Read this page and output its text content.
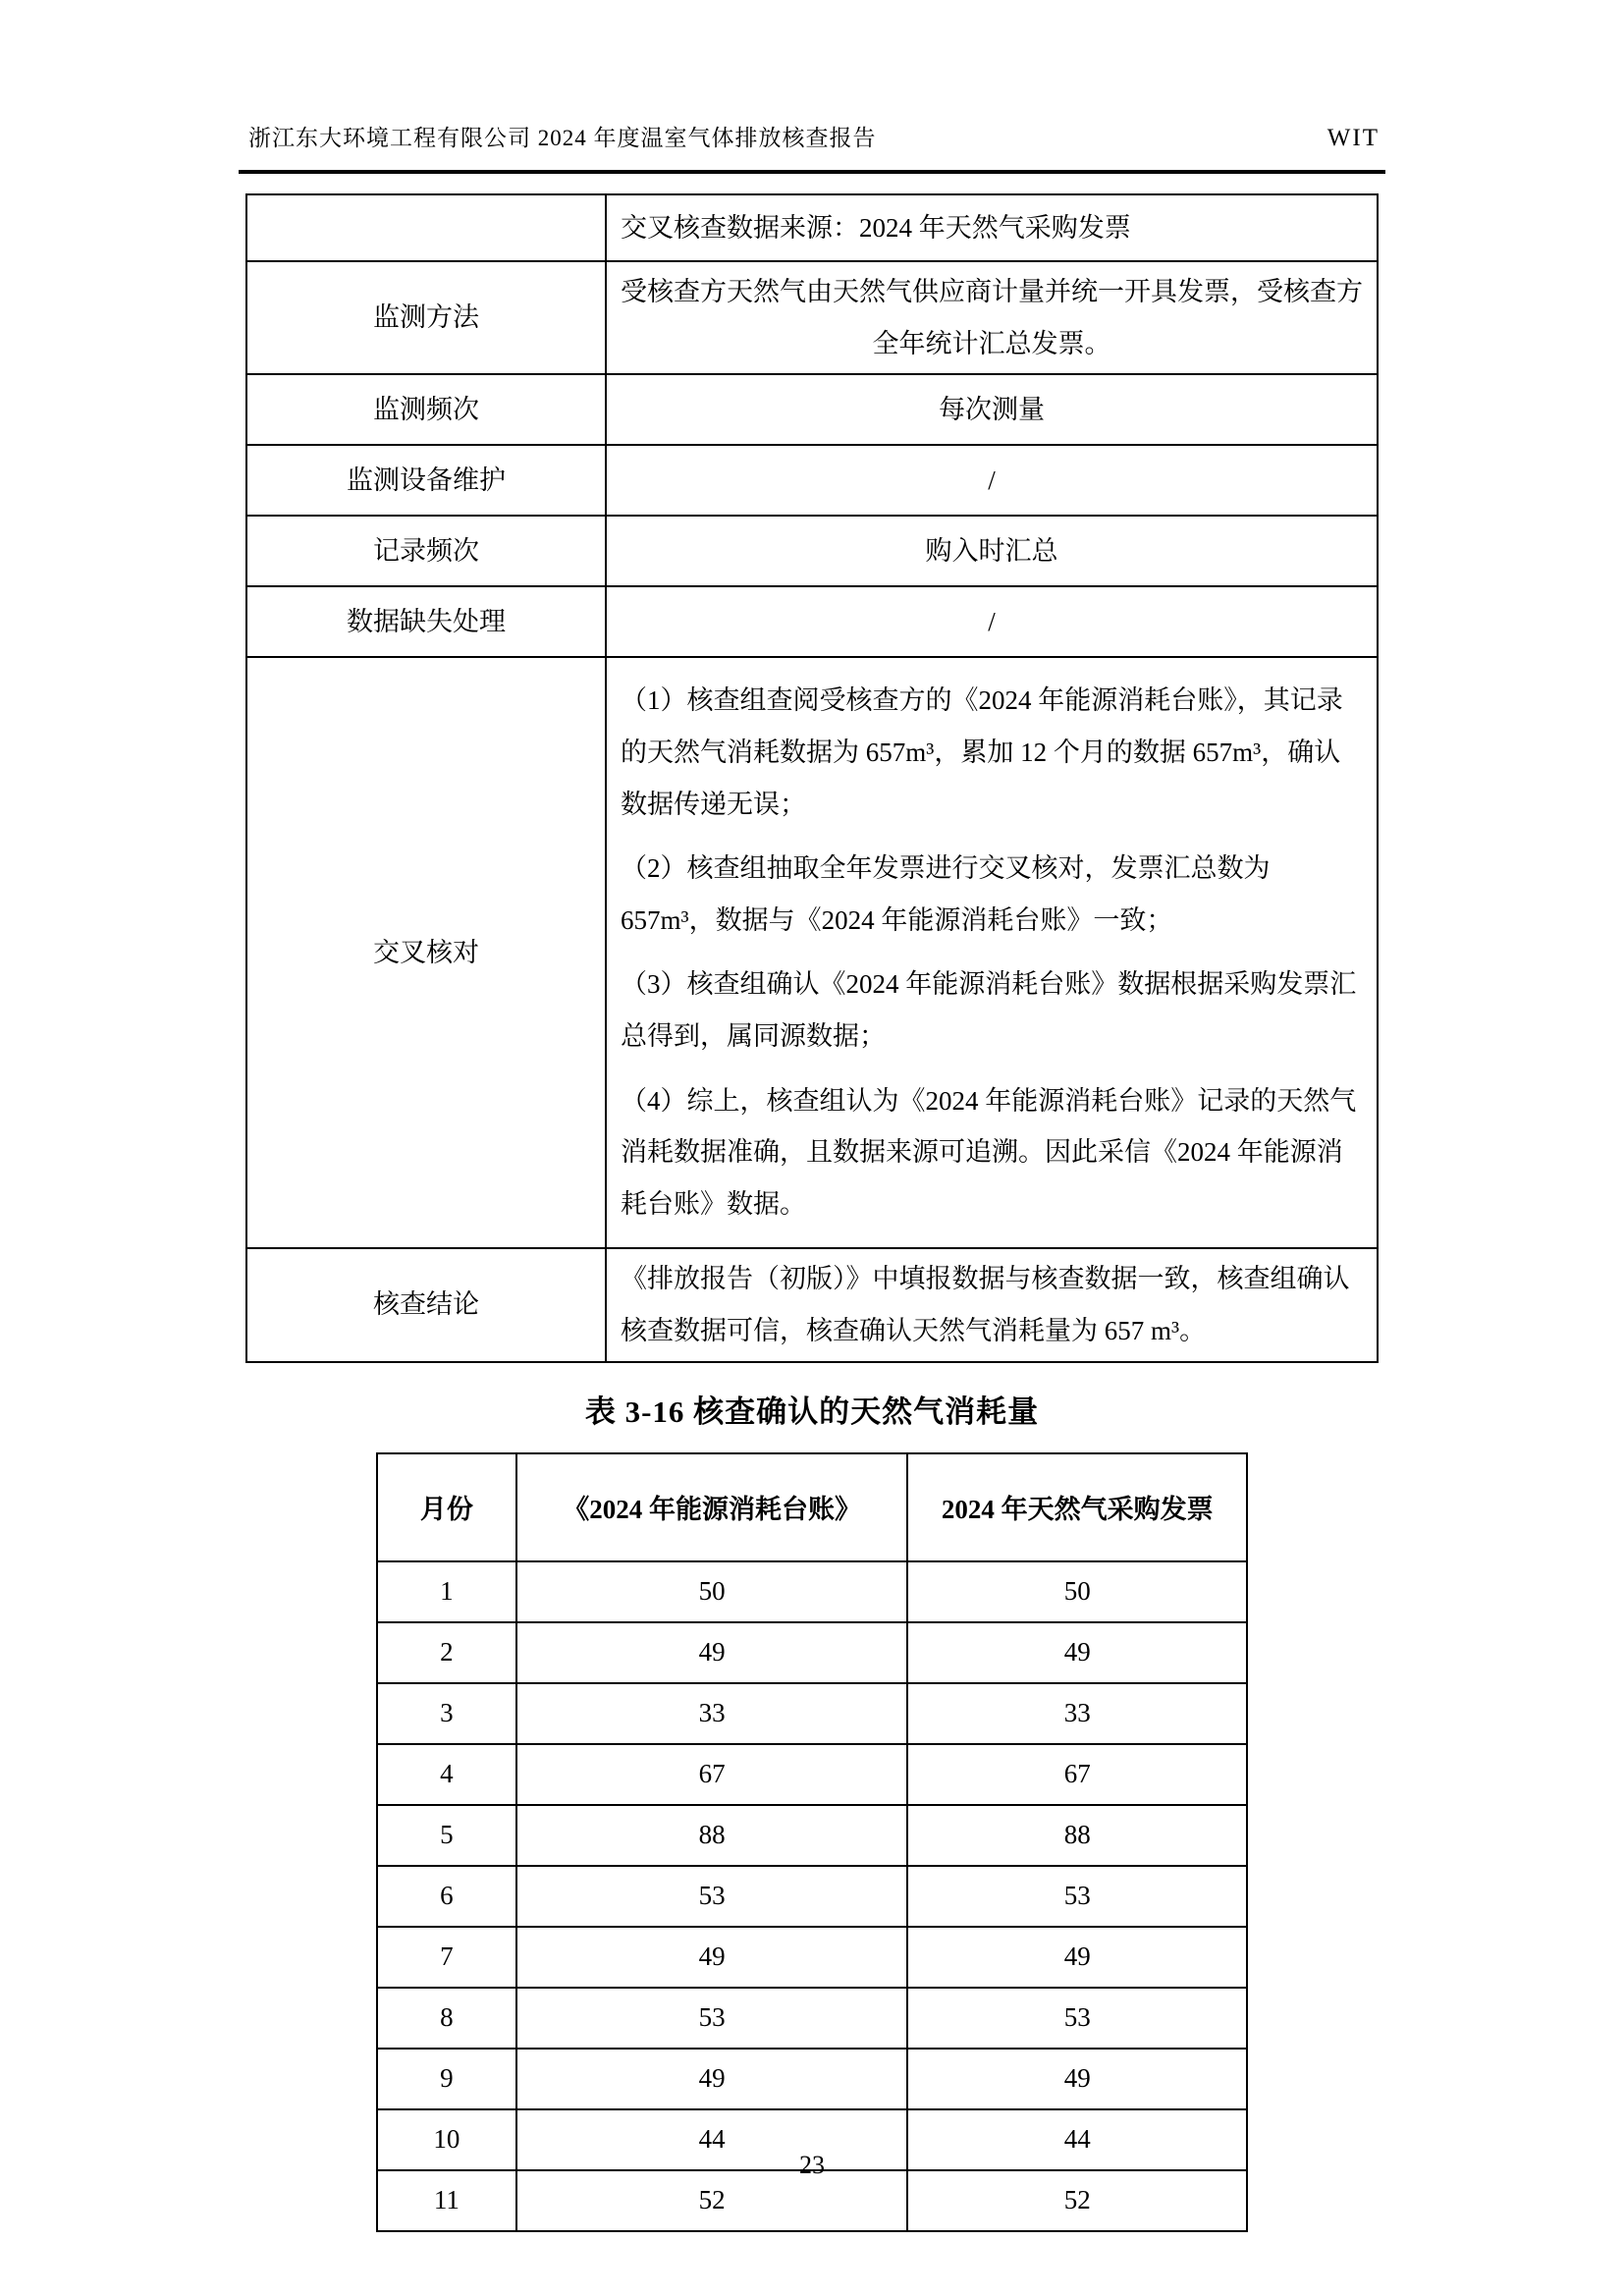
浙江东大环境工程有限公司 2024 年度温室气体排放核查报告	WIT
	交叉核查数据来源：2024 年天然气采购发票
监测方法	受核查方天然气由天然气供应商计量并统一开具发票，受核查方全年统计汇总发票。
监测频次	每次测量
监测设备维护	/
记录频次	购入时汇总
数据缺失处理	/
交叉核对	（1）核查组查阅受核查方的《2024 年能源消耗台账》，其记录的天然气消耗数据为 657m³，累加 12 个月的数据 657m³，确认数据传递无误；

（2）核查组抽取全年发票进行交叉核对，发票汇总数为 657m³，数据与《2024 年能源消耗台账》一致；

（3）核查组确认《2024 年能源消耗台账》数据根据采购发票汇总得到，属同源数据；

（4）综上，核查组认为《2024 年能源消耗台账》记录的天然气消耗数据准确，且数据来源可追溯。因此采信《2024 年能源消耗台账》数据。

核查结论	《排放报告（初版）》中填报数据与核查数据一致，核查组确认核查数据可信，核查确认天然气消耗量为 657 m³。
表 3-16 核查确认的天然气消耗量
月份	《2024 年能源消耗台账》	2024 年天然气采购发票
1	50	50
2	49	49
3	33	33
4	67	67
5	88	88
6	53	53
7	49	49
8	53	53
9	49	49
10	44	44
11	52	52
23
